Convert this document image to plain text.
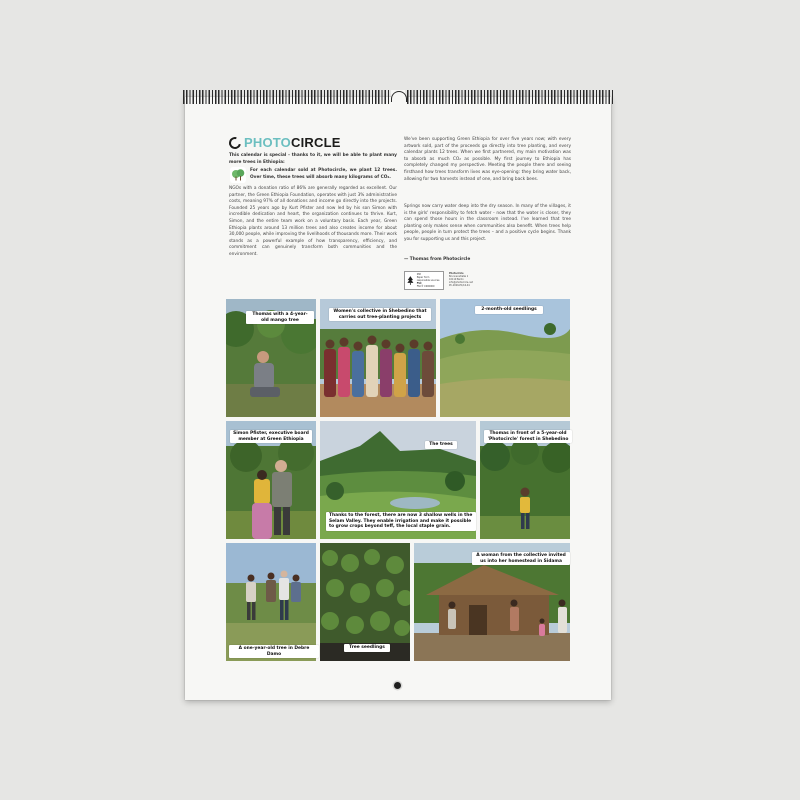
PHOTO CIRCLE
This calendar is special - thanks to it, we will be able to plant many more trees in Ethiopia:
For each calendar sold at Photocircle, we plant 12 trees. Over time, these trees will absorb many kilograms of CO₂.
NGOs with a donation ratio of 86% are generally regarded as excellent. Our partner, the Green Ethiopia Foundation, operates with just 3% administrative costs, meaning 97% of all donations and income go directly into the projects. Founded 25 years ago by Kurt Pfister and now led by his son Simon with incredible dedication and heart, the organization continues to thrive. Kurt, Simon, and the entire team work on a voluntary basis. Each year, Green Ethiopia plants around 13 million trees and also creates income for about 30,000 people, while improving the livelihoods of thousands more. Their work stands as a powerful example of how transparency, efficiency, and commitment can genuinely transform both communities and the environment.
We've been supporting Green Ethiopia for over five years now; with every artwork sold, part of the proceeds go directly into tree planting, and every calendar plants 12 trees. When we first partnered, my main motivation was to absorb as much CO₂ as possible. My first journey to Ethiopia has completely changed my perspective. Meeting the people there and seeing firsthand how trees transform lives was eye-opening: they bring water back, allowing for two harvests instead of one, and bring back bees.
Springs now carry water deep into the dry season. In many of the villages, it is the girls' responsibility to fetch water - now that the water is closer, they can spend those hours in the classroom instead. I've learned that tree planting only makes sense when communities also benefit. When trees help people, people in turn protect the trees – and a positive cycle begins. Thank you for supporting us and this project.
— Thomas from Photocircle
MIX
Paper from responsible sources
FSC
FSC® C000000
Photocircle
Brunnenstraße 1
10119 Berlin
info@photocircle.net
PC-2026-E1/16-K1
Thomas with a 4-year-old mango tree
Women's collective in Shebedino that carries out tree-planting projects
2-month-old seedlings
Simon Pfister, executive board member at Green Ethiopia
The trees
Thanks to the forest, there are now 3 shallow wells in the Selam Valley. They enable irrigation and make it possible to grow crops beyond teff, the local staple grain.
Thomas in front of a 5-year-old 'Photocircle' forest in Shebedino
A one-year-old tree in Debre Damo
Tree seedlings
A woman from the collective invited us into her homestead in Sidama
